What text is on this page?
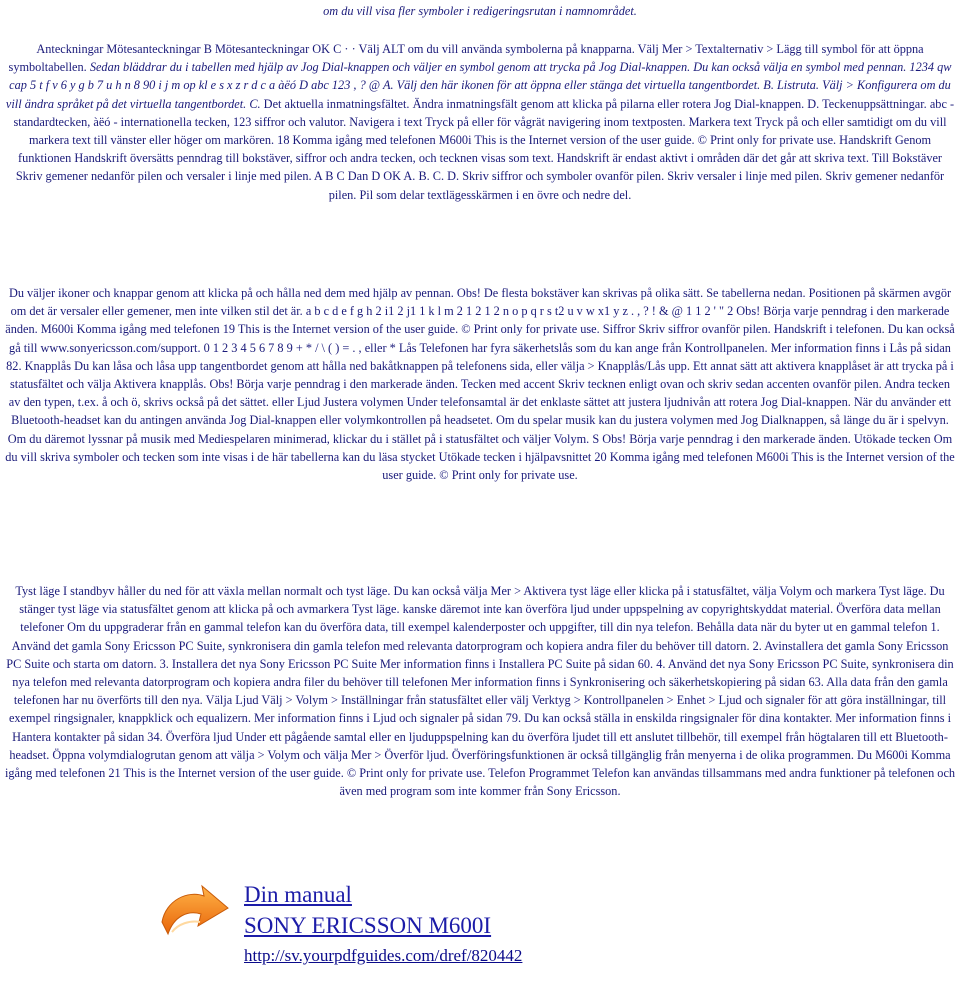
om du vill visa fler symboler i redigeringsrutan i namnområdet.

Anteckningar Mötesanteckningar B Mötesanteckningar OK C · · Välj ALT om du vill använda symbolerna på knapparna. Välj Mer > Textalternativ > Lägg till symbol för att öppna symboltabellen. Sedan bläddrar du i tabellen med hjälp av Jog Dial-knappen och väljer en symbol genom att trycka på Jog Dial-knappen. Du kan också välja en symbol med pennan. 1234 qw cap 5 t f v 6 y g b 7 u h n 8 90 i j m op kl e s x z r d c a àëó D abc 123 , ? @ A. Välj den här ikonen för att öppna eller stänga det virtuella tangentbordet. B. Listruta. Välj > Konfigurera om du vill ändra språket på det virtuella tangentbordet. C. Det aktuella inmatningsfältet. Ändra inmatningsfält genom att klicka på pilarna eller rotera Jog Dial-knappen. D. Teckenuppsättningar. abc - standardtecken, àëó - internationella tecken, 123 siffror och valutor. Navigera i text Tryck på eller för vågrät navigering inom textposten. Markera text Tryck på och eller samtidigt om du vill markera text till vänster eller höger om markören. 18 Komma igång med telefonen M600i This is the Internet version of the user guide. © Print only for private use. Handskrift Genom funktionen Handskrift översätts penndrag till bokstäver, siffror och andra tecken, och tecknen visas som text. Handskrift är endast aktivt i områden där det går att skriva text. Till Bokstäver Skriv gemener nedanför pilen och versaler i linje med pilen. A B C Dan D OK A. B. C. D. Skriv siffror och symboler ovanför pilen. Skriv versaler i linje med pilen. Skriv gemener nedanför pilen. Pil som delar textlägesskärmen i en övre och nedre del.

Du väljer ikoner och knappar genom att klicka på och hålla ned dem med hjälp av pennan. Obs! De flesta bokstäver kan skrivas på olika sätt. Se tabellerna nedan. Positionen på skärmen avgör om det är versaler eller gemener, men inte vilken stil det är. a b c d e f g h 2 i1 2 j1 1 k l m 2 1 2 1 2 n o p q r s t2 u v w x1 y z . , ? ! & @ 1 1 2 ' " 2 Obs! Börja varje penndrag i den markerade änden. M600i Komma igång med telefonen 19 This is the Internet version of the user guide. © Print only for private use. Siffror Skriv siffror ovanför pilen. Handskrift i telefonen. Du kan också gå till www.sonyericsson.com/support. 0 1 2 3 4 5 6 7 8 9 + * / \ ( ) = . , eller * Lås Telefonen har fyra säkerhetslås som du kan ange från Kontrollpanelen. Mer information finns i Lås på sidan 82. Knapplås Du kan låsa och låsa upp tangentbordet genom att hålla ned bakåtknappen på telefonens sida, eller välja > Knapplås/Lås upp. Ett annat sätt att aktivera knapplåset är att trycka på i statusfältet och välja Aktivera knapplås. Obs! Börja varje penndrag i den markerade änden. Tecken med accent Skriv tecknen enligt ovan och skriv sedan accenten ovanför pilen. Andra tecken av den typen, t.ex. å och ö, skrivs också på det sättet. eller Ljud Justera volymen Under telefonsamtal är det enklaste sättet att justera ljudnivån att rotera Jog Dial-knappen. När du använder ett Bluetooth-headset kan du antingen använda Jog Dial-knappen eller volymkontrollen på headsetet. Om du spelar musik kan du justera volymen med Jog Dialknappen, så länge du är i spelvyn. Om du däremot lyssnar på musik med Mediespelaren minimerad, klickar du i stället på i statusfältet och väljer Volym. S Obs! Börja varje penndrag i den markerade änden. Utökade tecken Om du vill skriva symboler och tecken som inte visas i de här tabellerna kan du läsa stycket Utökade tecken i hjälpavsnittet 20 Komma igång med telefonen M600i This is the Internet version of the user guide. © Print only for private use.

Tyst läge I standbyv håller du ned för att växla mellan normalt och tyst läge. Du kan också välja Mer > Aktivera tyst läge eller klicka på i statusfältet, välja Volym och markera Tyst läge. Du stänger tyst läge via statusfältet genom att klicka på och avmarkera Tyst läge. kanske däremot inte kan överföra ljud under uppspelning av copyrightskyddat material. Överföra data mellan telefoner Om du uppgraderar från en gammal telefon kan du överföra data, till exempel kalenderposter och uppgifter, till din nya telefon. Behålla data när du byter ut en gammal telefon 1. Använd det gamla Sony Ericsson PC Suite, synkronisera din gamla telefon med relevanta datorprogram och kopiera andra filer du behöver till datorn. 2. Avinstallera det gamla Sony Ericsson PC Suite och starta om datorn. 3. Installera det nya Sony Ericsson PC Suite Mer information finns i Installera PC Suite på sidan 60. 4. Använd det nya Sony Ericsson PC Suite, synkronisera din nya telefon med relevanta datorprogram och kopiera andra filer du behöver till telefonen Mer information finns i Synkronisering och säkerhetskopiering på sidan 63. Alla data från den gamla telefonen har nu överförts till den nya. Välja Ljud Välj > Volym > Inställningar från statusfältet eller välj Verktyg > Kontrollpanelen > Enhet > Ljud och signaler för att göra inställningar, till exempel ringsignaler, knappklick och equalizern. Mer information finns i Ljud och signaler på sidan 79. Du kan också ställa in enskilda ringsignaler för dina kontakter. Mer information finns i Hantera kontakter på sidan 34. Överföra ljud Under ett pågående samtal eller en ljuduppspelning kan du överföra ljudet till ett anslutet tillbehör, till exempel från högtalaren till ett Bluetooth-headset. Öppna volymdialogrutan genom att välja > Volym och välja Mer > Överför ljud. Överföringsfunktionen är också tillgänglig från menyerna i de olika programmen. Du M600i Komma igång med telefonen 21 This is the Internet version of the user guide. © Print only for private use. Telefon Programmet Telefon kan användas tillsammans med andra funktioner på telefonen och även med program som inte kommer från Sony Ericsson.

Din manual
SONY ERICSSON M600I
http://sv.yourpdfguides.com/dref/820442
